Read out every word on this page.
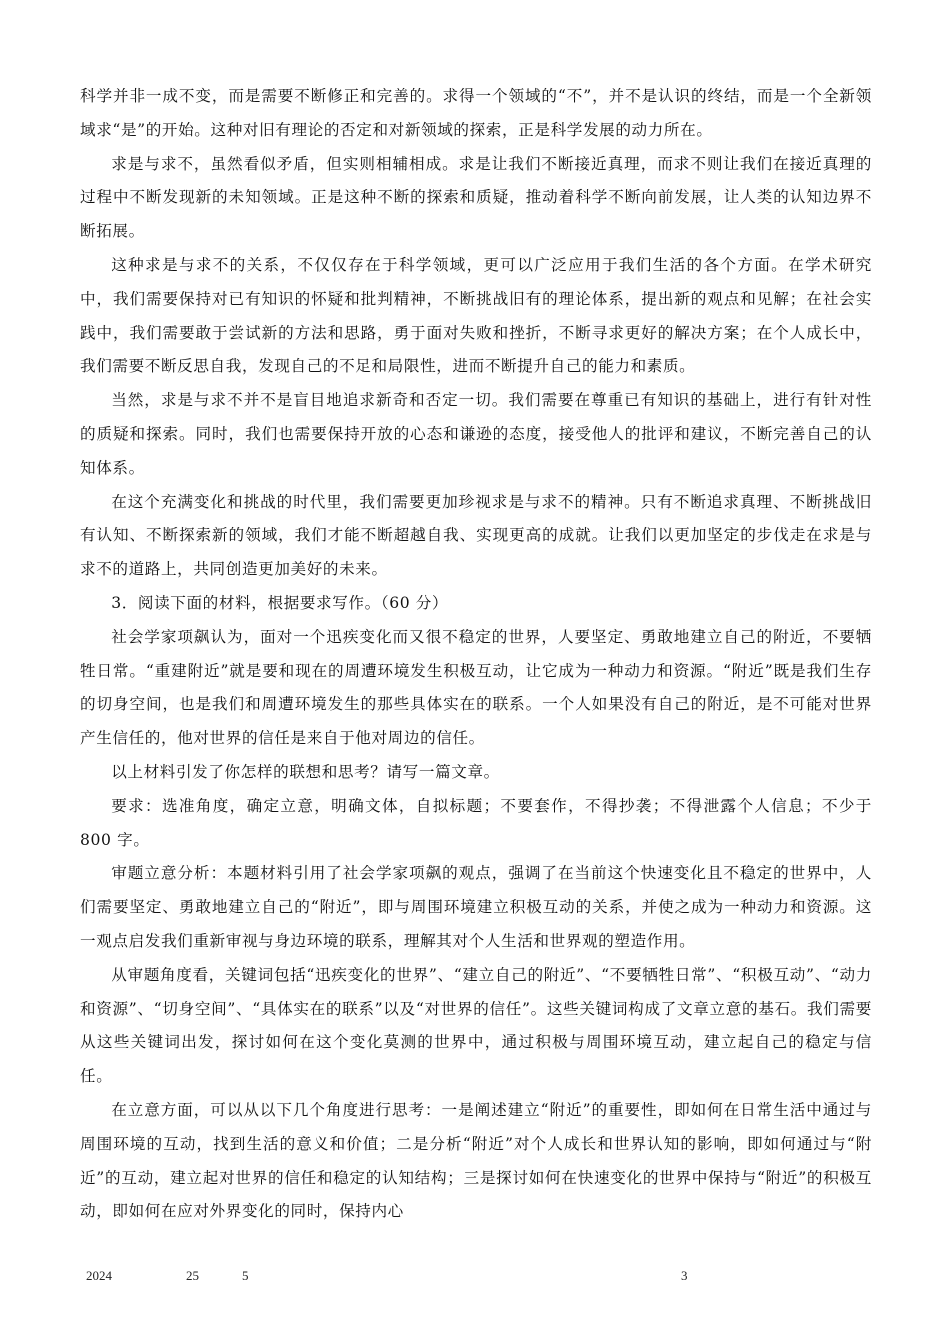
科学并非一成不变，而是需要不断修正和完善的。求得一个领域的“不”，并不是认识的终结，而是一个全新领域求“是”的开始。这种对旧有理论的否定和对新领域的探索，正是科学发展的动力所在。

求是与求不，虽然看似矛盾，但实则相辅相成。求是让我们不断接近真理，而求不则让我们在接近真理的过程中不断发现新的未知领域。正是这种不断的探索和质疑，推动着科学不断向前发展，让人类的认知边界不断拓展。

这种求是与求不的关系，不仅仅存在于科学领域，更可以广泛应用于我们生活的各个方面。在学术研究中，我们需要保持对已有知识的怀疑和批判精神，不断挑战旧有的理论体系，提出新的观点和见解；在社会实践中，我们需要敢于尝试新的方法和思路，勇于面对失败和挫折，不断寻求更好的解决方案；在个人成长中，我们需要不断反思自我，发现自己的不足和局限性，进而不断提升自己的能力和素质。

当然，求是与求不并不是盲目地追求新奇和否定一切。我们需要在尊重已有知识的基础上，进行有针对性的质疑和探索。同时，我们也需要保持开放的心态和谦逊的态度，接受他人的批评和建议，不断完善自己的认知体系。

在这个充满变化和挑战的时代里，我们需要更加珍视求是与求不的精神。只有不断追求真理、不断挑战旧有认知、不断探索新的领域，我们才能不断超越自我、实现更高的成就。让我们以更加坚定的步伐走在求是与求不的道路上，共同创造更加美好的未来。

3．阅读下面的材料，根据要求写作。（60 分）

社会学家项飙认为，面对一个迅疾变化而又很不稳定的世界，人要坚定、勇敢地建立自己的附近，不要牺牲日常。“重建附近”就是要和现在的周遭环境发生积极互动，让它成为一种动力和资源。“附近”既是我们生存的切身空间，也是我们和周遭环境发生的那些具体实在的联系。一个人如果没有自己的附近，是不可能对世界产生信任的，他对世界的信任是来自于他对周边的信任。

以上材料引发了你怎样的联想和思考？请写一篇文章。

要求：选准角度，确定立意，明确文体，自拟标题；不要套作，不得抄袭；不得泄露个人信息；不少于 800 字。

审题立意分析：本题材料引用了社会学家项飙的观点，强调了在当前这个快速变化且不稳定的世界中，人们需要坚定、勇敢地建立自己的“附近”，即与周围环境建立积极互动的关系，并使之成为一种动力和资源。这一观点启发我们重新审视与身边环境的联系，理解其对个人生活和世界观的塑造作用。

从审题角度看，关键词包括“迅疾变化的世界”、“建立自己的附近”、“不要牺牲日常”、“积极互动”、“动力和资源”、“切身空间”、“具体实在的联系”以及“对世界的信任”。这些关键词构成了文章立意的基石。我们需要从这些关键词出发，探讨如何在这个变化莫测的世界中，通过积极与周围环境互动，建立起自己的稳定与信任。

在立意方面，可以从以下几个角度进行思考：一是阐述建立“附近”的重要性，即如何在日常生活中通过与周围环境的互动，找到生活的意义和价值；二是分析“附近”对个人成长和世界认知的影响，即如何通过与“附近”的互动，建立起对世界的信任和稳定的认知结构；三是探讨如何在快速变化的世界中保持与“附近”的积极互动，即如何在应对外界变化的同时，保持内心

2024	25	5	3
